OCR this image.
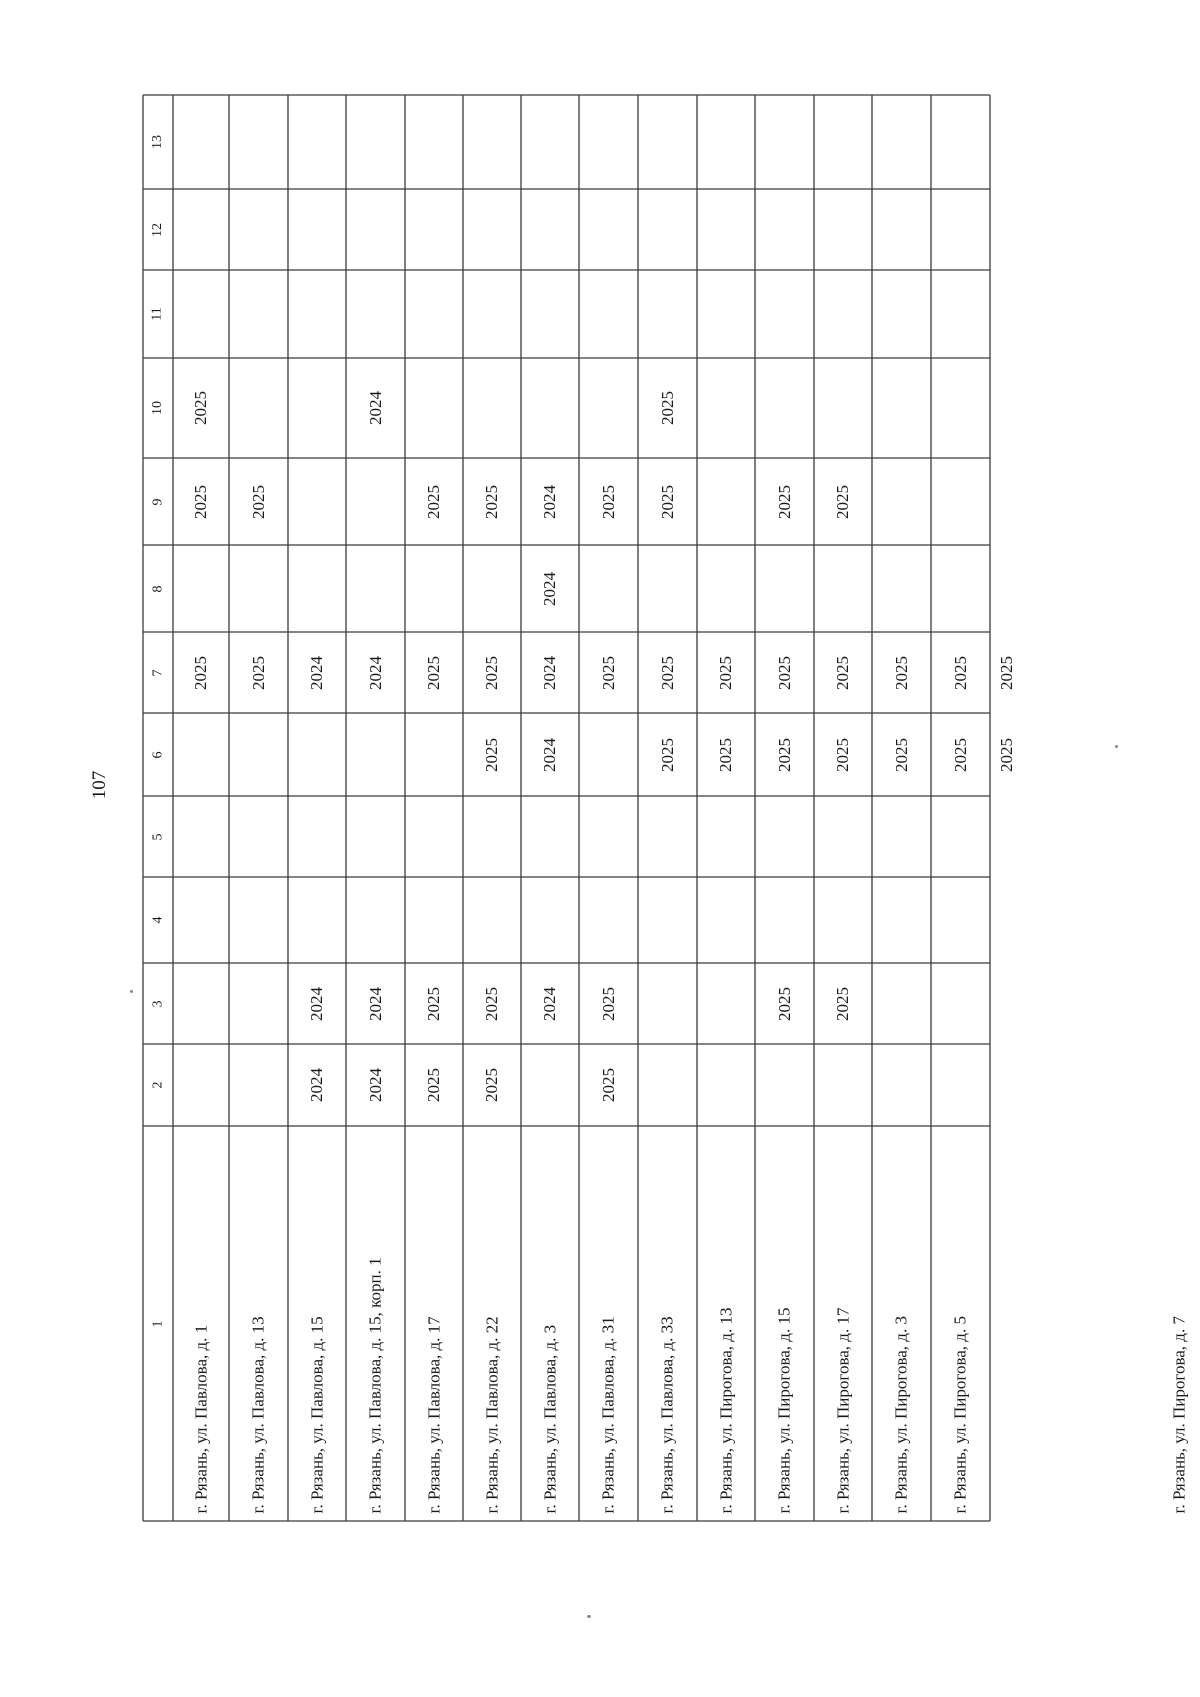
107
1
2
3
4
5
6
7
8
9
10
11
12
13
г. Рязань, ул. Павлова, д. 1
2025
2025
2025
г. Рязань, ул. Павлова, д. 13
2025
2025
г. Рязань, ул. Павлова, д. 15
2024
2024
2024
г. Рязань, ул. Павлова, д. 15, корп. 1
2024
2024
2024
2024
г. Рязань, ул. Павлова, д. 17
2025
2025
2025
2025
г. Рязань, ул. Павлова, д. 22
2025
2025
2025
2025
2025
г. Рязань, ул. Павлова, д. 3
2024
2024
2024
2024
2024
г. Рязань, ул. Павлова, д. 31
2025
2025
2025
2025
г. Рязань, ул. Павлова, д. 33
2025
2025
2025
2025
г. Рязань, ул. Пирогова, д. 13
2025
2025
г. Рязань, ул. Пирогова, д. 15
2025
2025
2025
2025
г. Рязань, ул. Пирогова, д. 17
2025
2025
2025
2025
г. Рязань, ул. Пирогова, д. 3
2025
2025
г. Рязань, ул. Пирогова, д. 5
2025
2025
г. Рязань, ул. Пирогова, д. 7
2025
2025
